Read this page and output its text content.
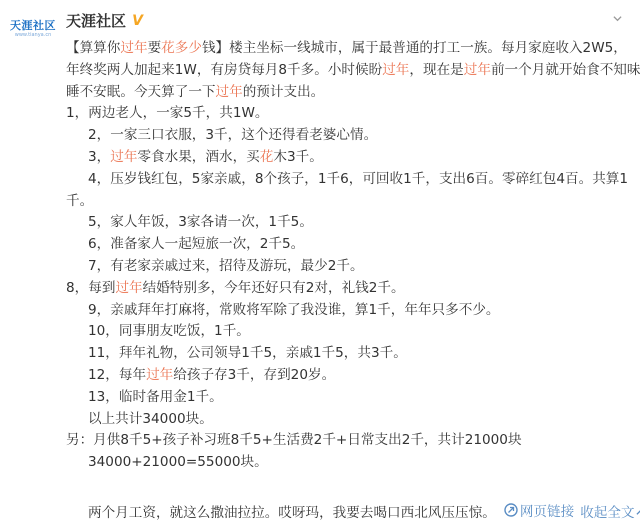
天涯社区
www.tianya.cn
天涯社区 V
【算算你过年要花多少钱】楼主坐标一线城市，属于最普通的打工一族。每月家庭收入2W5，
年终奖两人加起来1W，有房贷每月8千多。小时候盼过年，现在是过年前一个月就开始食不知味
睡不安眠。今天算了一下过年的预计支出。
1，两边老人，一家5千，共1W。
2，一家三口衣服，3千，这个还得看老婆心情。
3，过年零食水果，酒水，买花木3千。
4，压岁钱红包，5家亲戚，8个孩子，1千6，可回收1千，支出6百。零碎红包4百。共算1
千。
5，家人年饭，3家各请一次，1千5。
6，准备家人一起短旅一次，2千5。
7，有老家亲戚过来，招待及游玩，最少2千。
8，每到过年结婚特别多，今年还好只有2对，礼钱2千。
9，亲戚拜年打麻将，常败将军除了我没谁，算1千，年年只多不少。
10，同事朋友吃饭，1千。
11，拜年礼物，公司领导1千5，亲戚1千5，共3千。
12，每年过年给孩子存3千，存到20岁。
13，临时备用金1千。
以上共计34000块。
另：月供8千5+孩子补习班8千5+生活费2千+日常支出2千，共计21000块
34000+21000=55000块。
两个月工资，就这么撒油拉拉。哎呀玛，我要去喝口西北风压压惊。 网页链接 收起全文
